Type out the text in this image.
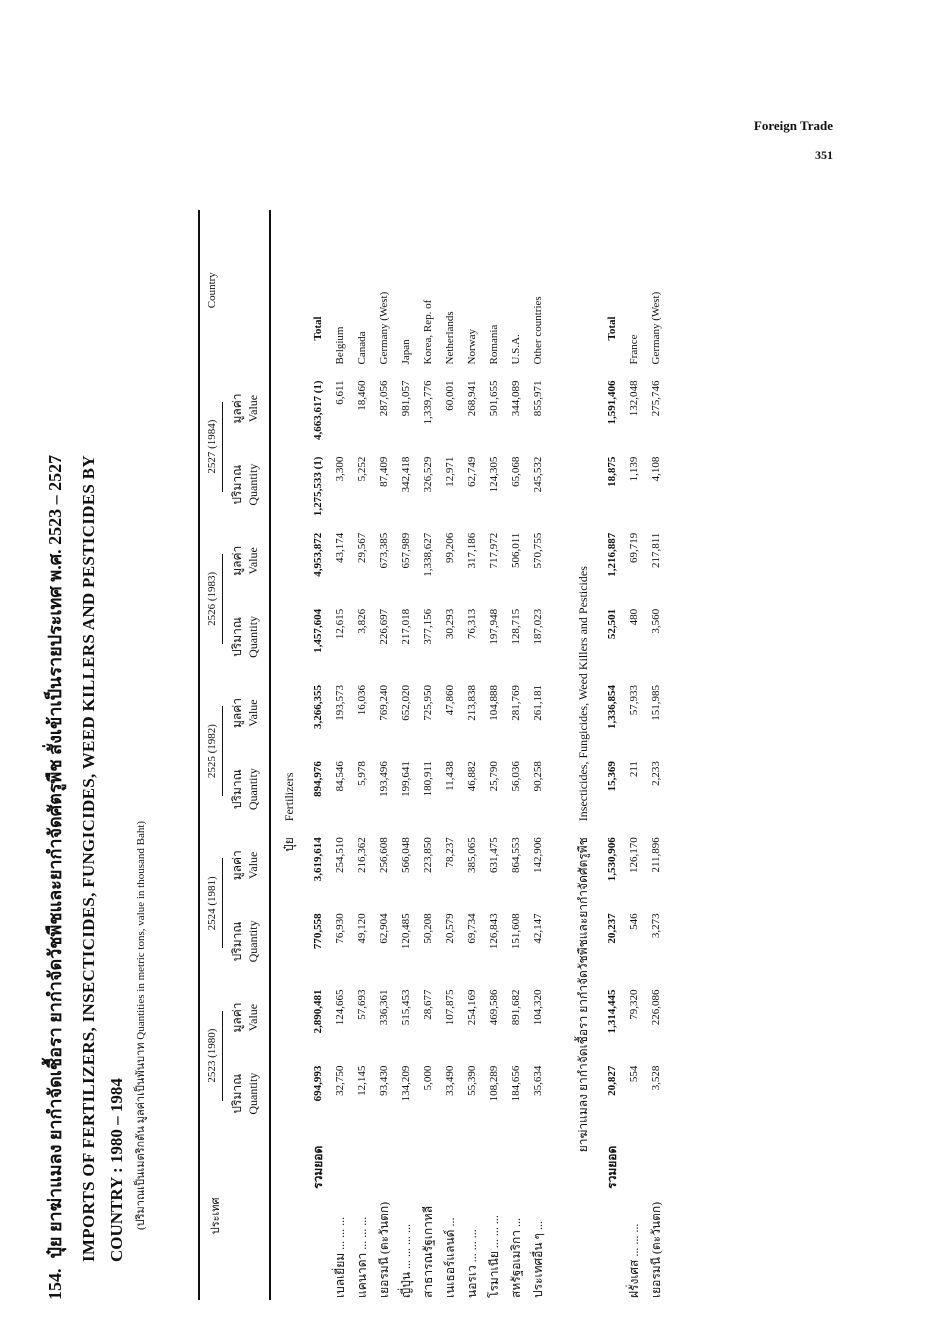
Foreign Trade
351

154.ปุ๋ย ยาฆ่าแมลง ยากำจัดเชื้อรา ยากำจัดวัชพืชและยากำจัดศัตรูพืช สั่งเข้าเป็นรายประเทศ พ.ศ. 2523 – 2527 IMPORTS OF FERTILIZERS, INSECTICIDES, FUNGICIDES, WEED KILLERS AND PESTICIDES BY COUNTRY : 1980 – 1984 (ปริมาณเป็นเมตริกตัน มูลค่าเป็นพันบาท Quantities in metric tons, value in thousand Baht)	ประเทศ	2523 (1980)		2524 (1981)		2525 (1982)		2526 (1983)		2527 (1984)		Country

	ปริมาณ Quantity	มูลค่า Value	ปริมาณ Quantity	มูลค่า Value	ปริมาณ Quantity	มูลค่า Value	ปริมาณ Quantity	มูลค่า Value	ปริมาณ Quantity	มูลค่า Value	

ปุ๋ย					Fertilizers						
รวมยอด	694,993	2,890,481	770,558	3,619,614	894,976	3,266,355	1,457,604	4,953,872	1,275,533 (1)	4,663,617 (1)	Total
เบลเยี่ยม ... ... ...	32,750	124,665	76,930	254,510	84,546	193,573	12,615	43,174	3,300	6,611	Belgium
แคนาดา ... ... ...	12,145	57,693	49,120	216,362	5,978	16,036	3,826	29,567	5,252	18,460	Canada
เยอรมนี (ตะวันตก)	93,430	336,361	62,904	256,608	193,496	769,240	226,697	673,385	87,409	287,056	Germany (West)
ญี่ปุ่น ... ... ... ...	134,209	515,453	120,485	566,048	199,641	652,020	217,018	657,989	342,418	981,057	Japan
สาธารณรัฐเกาหลี	5,000	28,677	50,208	223,850	180,911	725,950	377,156	1,338,627	326,529	1,339,776	Korea, Rep. of
เนเธอร์แลนด์ ...	33,490	107,875	20,579	78,237	11,438	47,860	30,293	99,206	12,971	60,001	Netherlands
นอรเว ... ... ...	55,390	254,169	69,734	385,065	46,882	213,838	76,313	317,186	62,749	268,941	Norway
โรมาเนีย ... ... ...	108,289	469,586	126,843	631,475	25,790	104,888	197,948	717,972	124,305	501,655	Romania
สหรัฐอเมริกา ...	184,656	891,682	151,608	864,553	56,036	281,769	128,715	506,011	65,068	344,089	U.S.A.
ประเทศอื่น ๆ ...	35,634	104,320	42,147	142,906	90,258	261,181	187,023	570,755	245,532	855,971	Other countries

ยาฆ่าแมลง ยากำจัดเชื้อรา ยากำจัดวัชพืชและยากำจัดศัตรูพืช					Insecticides, Fungicides, Weed Killers and Pesticides						
รวมยอด	20,827	1,314,445	20,237	1,530,906	15,369	1,336,854	52,501	1,216,887	18,875	1,591,406	Total
ฝรั่งเศส ... ... ...	554	79,320	546	126,170	211	57,933	480	69,719	1,139	132,048	France
เยอรมนี (ตะวันตก)	3,528	226,086	3,273	211,896	2,233	151,985	3,560	217,811	4,108	275,746	Germany (West)
